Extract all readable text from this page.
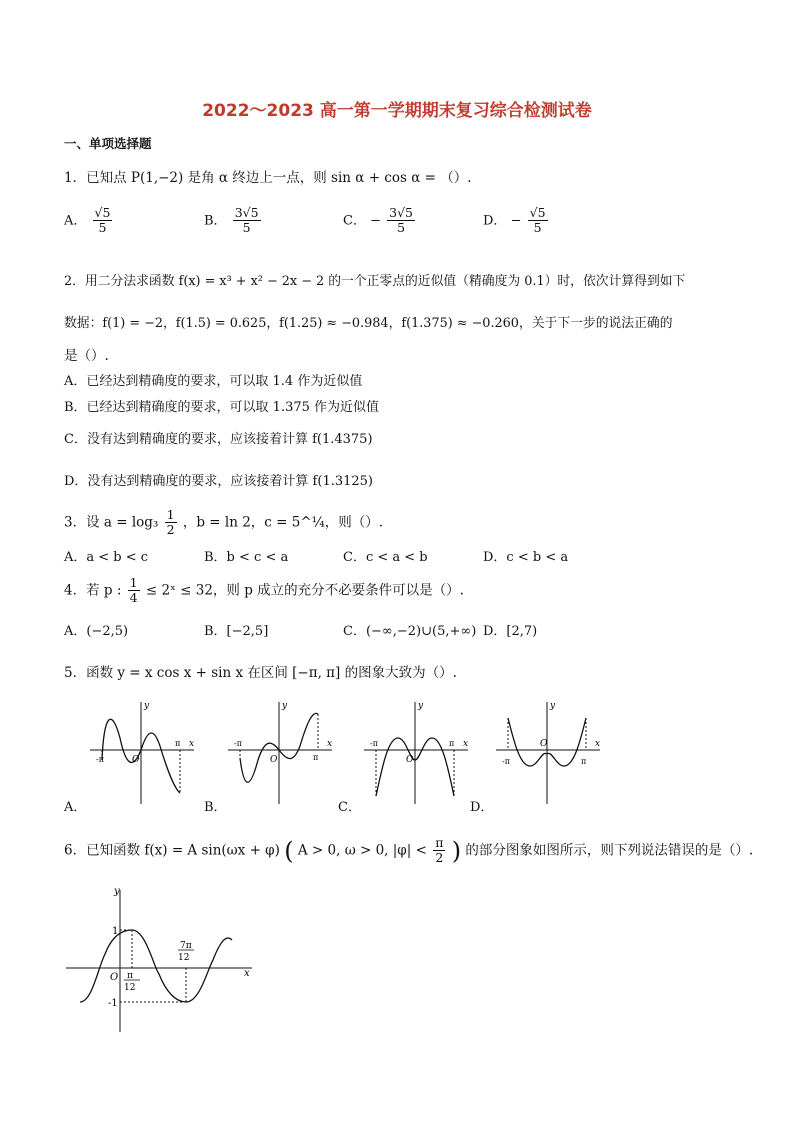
2022～2023 高一第一学期期末复习综合检测试卷
一、单项选择题
1．已知点 P(1,−2) 是角 α 终边上一点，则 sin α + cos α = （）.
A． $\frac{√5}{5}$	B． $\frac{3√5}{5}$	C． − $\frac{3√5}{5}$	D． − $\frac{√5}{5}$
2．用二分法求函数 f(x) = x³ + x² − 2x − 2 的一个正零点的近似值（精确度为 0.1）时，依次计算得到如下
数据：f(1) = −2，f(1.5) = 0.625，f(1.25) ≈ −0.984，f(1.375) ≈ −0.260，关于下一步的说法正确的
是（）.
A．已经达到精确度的要求，可以取 1.4 作为近似值
B．已经达到精确度的要求，可以取 1.375 作为近似值
C．没有达到精确度的要求，应该接着计算 f(1.4375)
D．没有达到精确度的要求，应该接着计算 f(1.3125)
3．设 $a = \log_3 \frac{1}{2}$ ，b = ln 2，c = 5^¼，则（）.
A．a < b < c	B．b < c < a	C．c < a < b	D．c < b < a
4．若 p : $\frac{1}{4}$ ≤ 2ˣ ≤ 32，则 p 成立的充分不必要条件可以是（）.
A．(−2,5)	B．[−2,5]	C．(−∞,−2)∪(5,+∞) D．[2,7)
5．函数 y = x cos x + sin x 在区间 [−π, π] 的图象大致为（）.
y
x
O
-π
π
A．
y
x
O
-π
π
B．
y
x
O
-π	π
C．
y
x
O
-π	π
D．
6．已知函数 f(x) = A sin(ωx + φ) ( A > 0, ω > 0, $|\varphi| < \frac{\pi}{2}$ ) 的部分图象如图所示，则下列说法错误的是（）.
y
x
O
1
-1
π
12
7π
12
